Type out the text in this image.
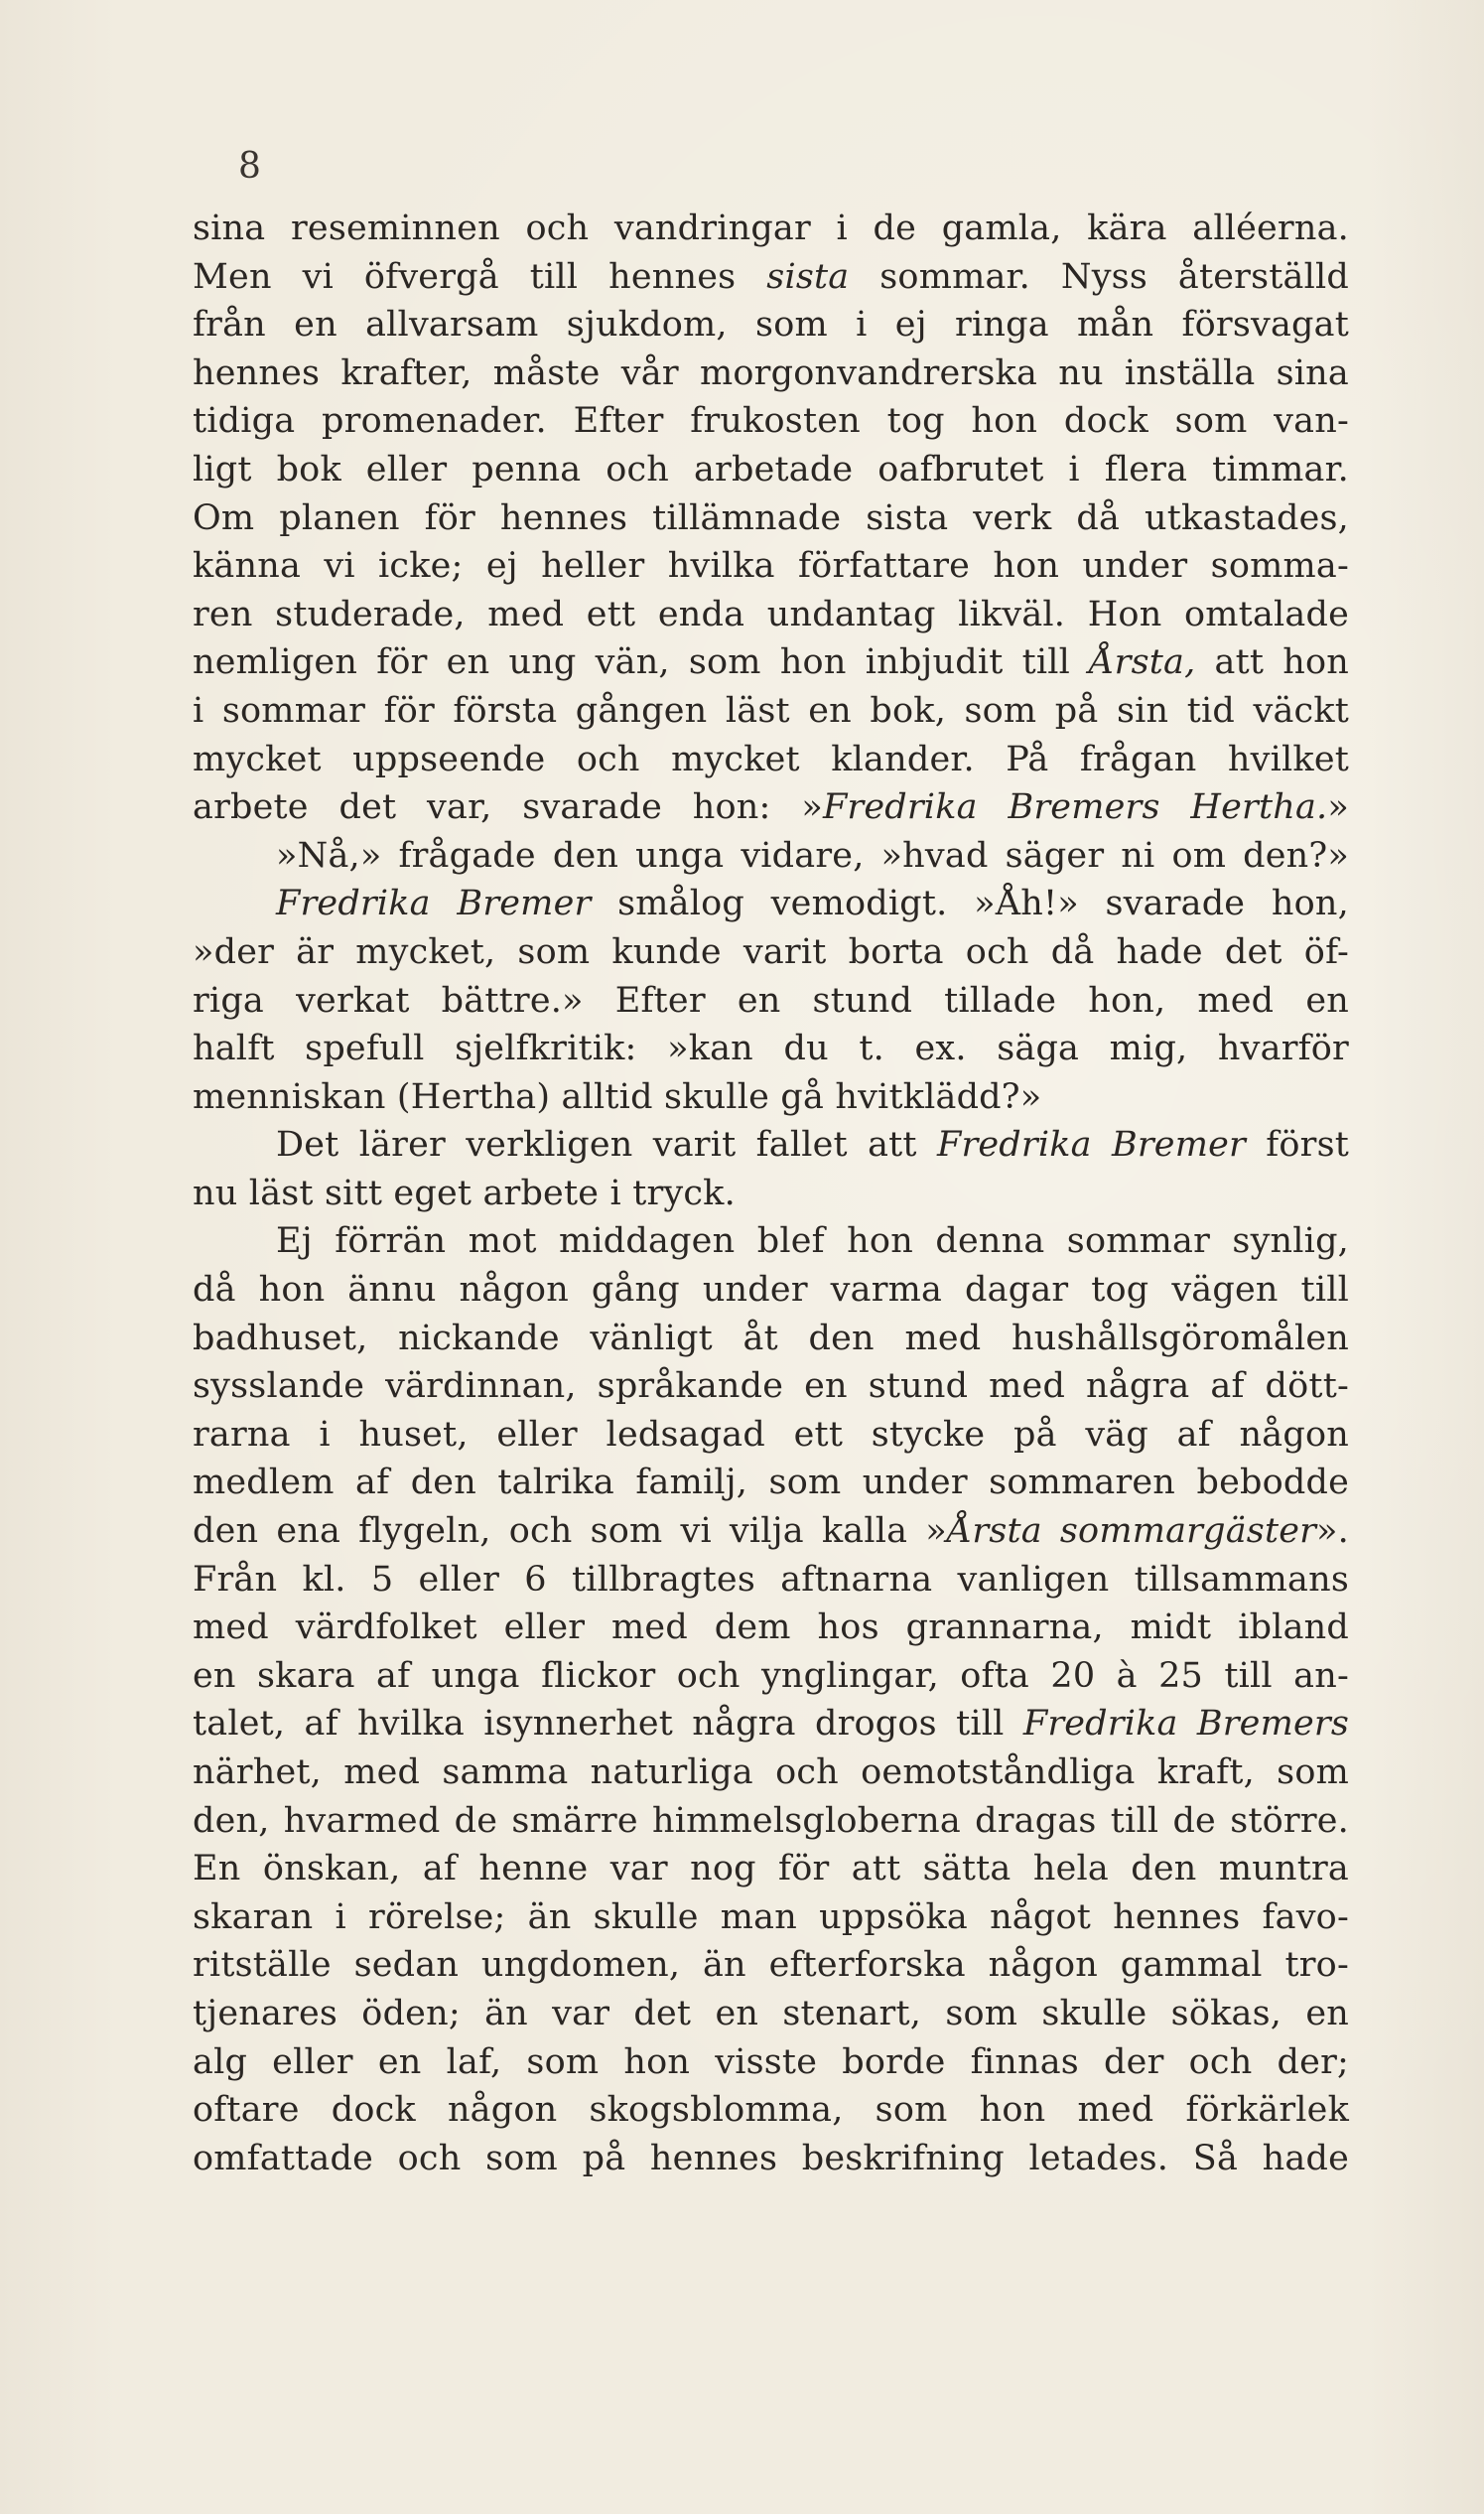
8
sina reseminnen och vandringar i de gamla, kära alléerna.
Men vi öfvergå till hennes sista sommar. Nyss återställd
från en allvarsam sjukdom, som i ej ringa mån försvagat
hennes krafter, måste vår morgonvandrerska nu inställa sina
tidiga promenader. Efter frukosten tog hon dock som van-
ligt bok eller penna och arbetade oafbrutet i flera timmar.
Om planen för hennes tillämnade sista verk då utkastades,
känna vi icke; ej heller hvilka författare hon under somma-
ren studerade, med ett enda undantag likväl. Hon omtalade
nemligen för en ung vän, som hon inbjudit till Årsta, att hon
i sommar för första gången läst en bok, som på sin tid väckt
mycket uppseende och mycket klander. På frågan hvilket
arbete det var, svarade hon: »Fredrika Bremers Hertha.»
»Nå,» frågade den unga vidare, »hvad säger ni om den?»
Fredrika Bremer smålog vemodigt. »Åh!» svarade hon,
»der är mycket, som kunde varit borta och då hade det öf-
riga verkat bättre.» Efter en stund tillade hon, med en
halft spefull sjelfkritik: »kan du t. ex. säga mig, hvarför
menniskan (Hertha) alltid skulle gå hvitklädd?»
Det lärer verkligen varit fallet att Fredrika Bremer först
nu läst sitt eget arbete i tryck.
Ej förrän mot middagen blef hon denna sommar synlig,
då hon ännu någon gång under varma dagar tog vägen till
badhuset, nickande vänligt åt den med hushållsgöromålen
sysslande värdinnan, språkande en stund med några af dött-
rarna i huset, eller ledsagad ett stycke på väg af någon
medlem af den talrika familj, som under sommaren bebodde
den ena flygeln, och som vi vilja kalla »Årsta sommargäster».
Från kl. 5 eller 6 tillbragtes aftnarna vanligen tillsammans
med värdfolket eller med dem hos grannarna, midt ibland
en skara af unga flickor och ynglingar, ofta 20 à 25 till an-
talet, af hvilka isynnerhet några drogos till Fredrika Bremers
närhet, med samma naturliga och oemotståndliga kraft, som
den, hvarmed de smärre himmelsgloberna dragas till de större.
En önskan, af henne var nog för att sätta hela den muntra
skaran i rörelse; än skulle man uppsöka något hennes favo-
ritställe sedan ungdomen, än efterforska någon gammal tro-
tjenares öden; än var det en stenart, som skulle sökas, en
alg eller en laf, som hon visste borde finnas der och der;
oftare dock någon skogsblomma, som hon med förkärlek
omfattade och som på hennes beskrifning letades. Så hade
